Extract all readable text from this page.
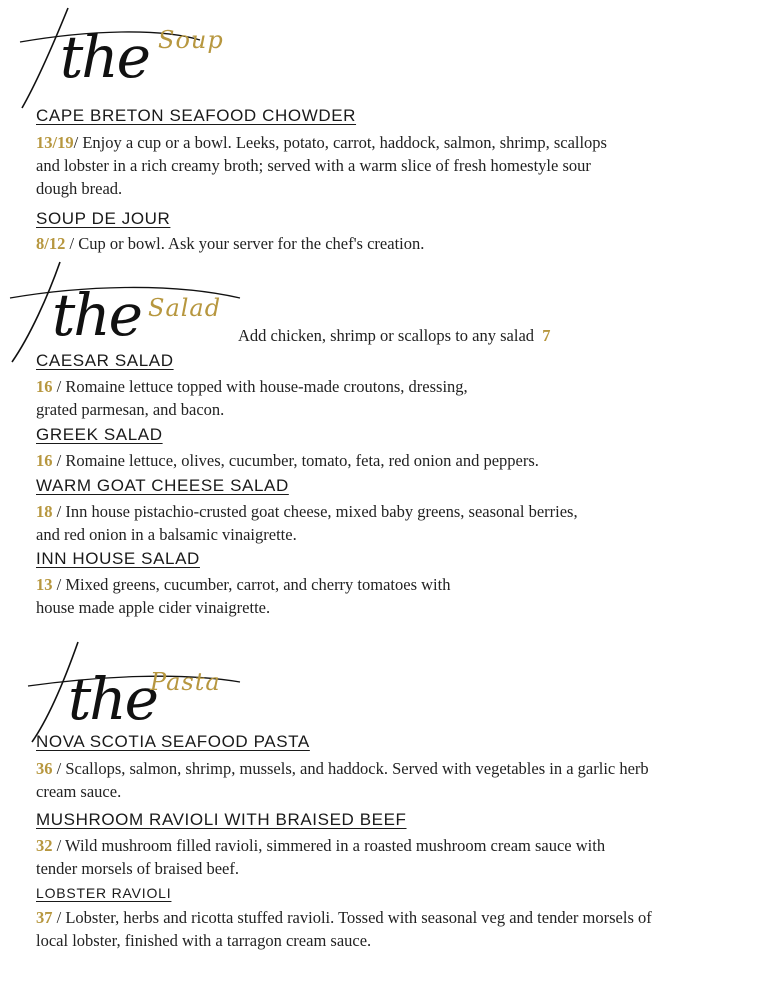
the Soup
CAPE BRETON SEAFOOD CHOWDER
13/19/ Enjoy a cup or a bowl. Leeks, potato, carrot, haddock, salmon, shrimp, scallops
and lobster in a rich creamy broth; served with a warm slice of fresh homestyle sour
dough bread.
SOUP DE JOUR
8/12 / Cup or bowl. Ask your server for the chef's creation.
the Salad
Add chicken, shrimp or scallops to any salad 7
CAESAR SALAD
16 / Romaine lettuce topped with house-made croutons, dressing,
grated parmesan, and bacon.
GREEK SALAD
16 / Romaine lettuce, olives, cucumber, tomato, feta, red onion and peppers.
WARM GOAT CHEESE SALAD
18 / Inn house pistachio-crusted goat cheese, mixed baby greens, seasonal berries,
and red onion in a balsamic vinaigrette.
INN HOUSE SALAD
13 / Mixed greens, cucumber, carrot, and cherry tomatoes with
house made apple cider vinaigrette.
the
Pasta
NOVA SCOTIA SEAFOOD PASTA
36 / Scallops, salmon, shrimp, mussels, and haddock. Served with vegetables in a garlic herb
cream sauce.
MUSHROOM RAVIOLI WITH BRAISED BEEF
32 / Wild mushroom filled ravioli, simmered in a roasted mushroom cream sauce with
tender morsels of braised beef.
LOBSTER RAVIOLI
37 / Lobster, herbs and ricotta stuffed ravioli. Tossed with seasonal veg and tender morsels of
local lobster, finished with a tarragon cream sauce.
